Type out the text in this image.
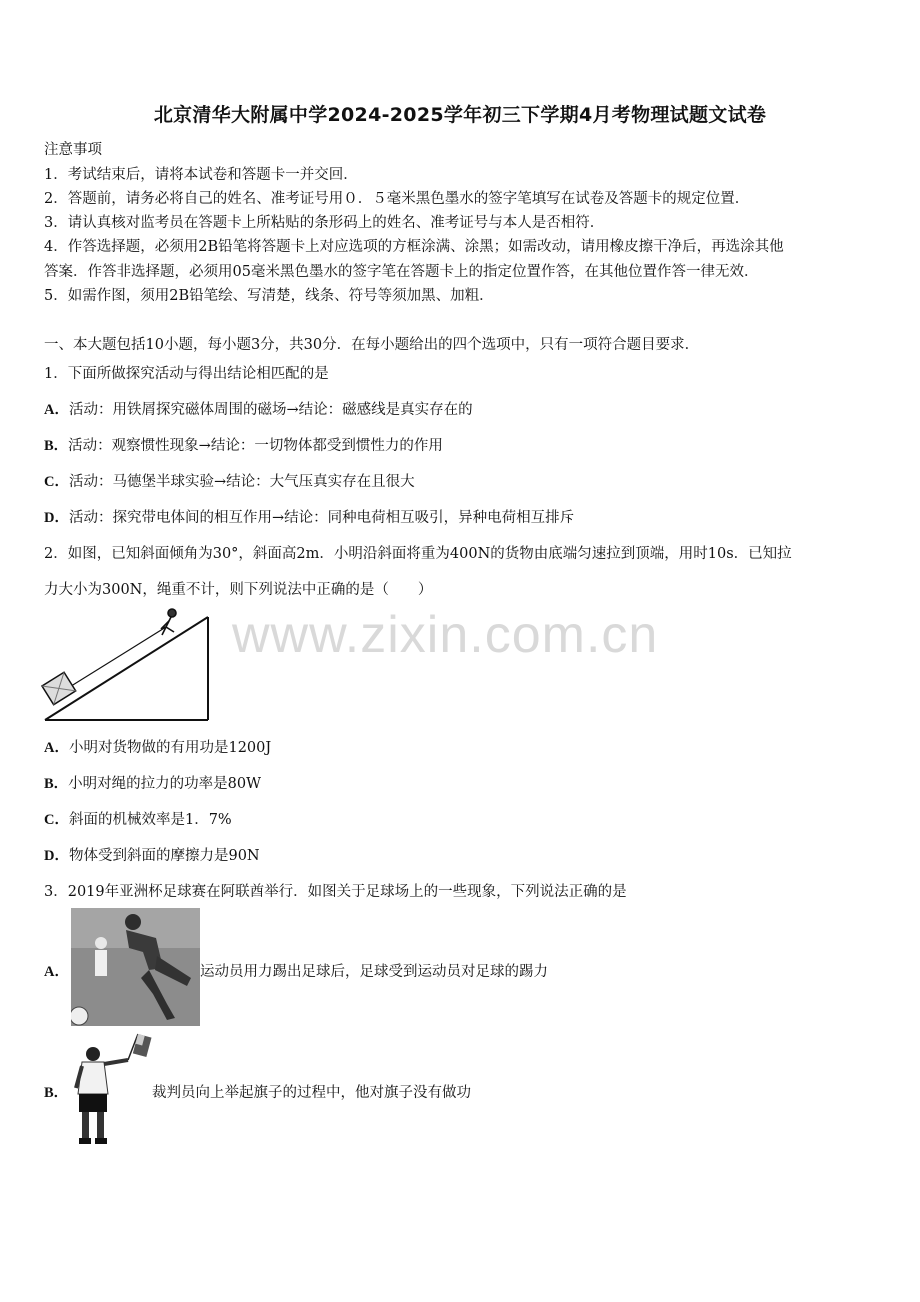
北京清华大附属中学2024-2025学年初三下学期4月考物理试题文试卷
注意事项
1．考试结束后，请将本试卷和答题卡一并交回．
2．答题前，请务必将自己的姓名、准考证号用０．５毫米黑色墨水的签字笔填写在试卷及答题卡的规定位置．
3．请认真核对监考员在答题卡上所粘贴的条形码上的姓名、准考证号与本人是否相符．
4．作答选择题，必须用2B铅笔将答题卡上对应选项的方框涂满、涂黑；如需改动，请用橡皮擦干净后，再选涂其他
答案．作答非选择题，必须用05毫米黑色墨水的签字笔在答题卡上的指定位置作答，在其他位置作答一律无效．
5．如需作图，须用2B铅笔绘、写清楚，线条、符号等须加黑、加粗．
一、本大题包括10小题，每小题3分，共30分．在每小题给出的四个选项中，只有一项符合题目要求．
1．下面所做探究活动与得出结论相匹配的是
A．活动：用铁屑探究磁体周围的磁场→结论：磁感线是真实存在的
B．活动：观察惯性现象→结论：一切物体都受到惯性力的作用
C．活动：马德堡半球实验→结论：大气压真实存在且很大
D．活动：探究带电体间的相互作用→结论：同种电荷相互吸引，异种电荷相互排斥
2．如图，已知斜面倾角为30°，斜面高2m．小明沿斜面将重为400N的货物由底端匀速拉到顶端，用时10s．已知拉
力大小为300N，绳重不计，则下列说法中正确的是（　　）
www.zixin.com.cn
A．小明对货物做的有用功是1200J
B．小明对绳的拉力的功率是80W
C．斜面的机械效率是1．7%
D．物体受到斜面的摩擦力是90N
3．2019年亚洲杯足球赛在阿联酋举行．如图关于足球场上的一些现象，下列说法正确的是
A．	运动员用力踢出足球后，足球受到运动员对足球的踢力
B．	裁判员向上举起旗子的过程中，他对旗子没有做功
